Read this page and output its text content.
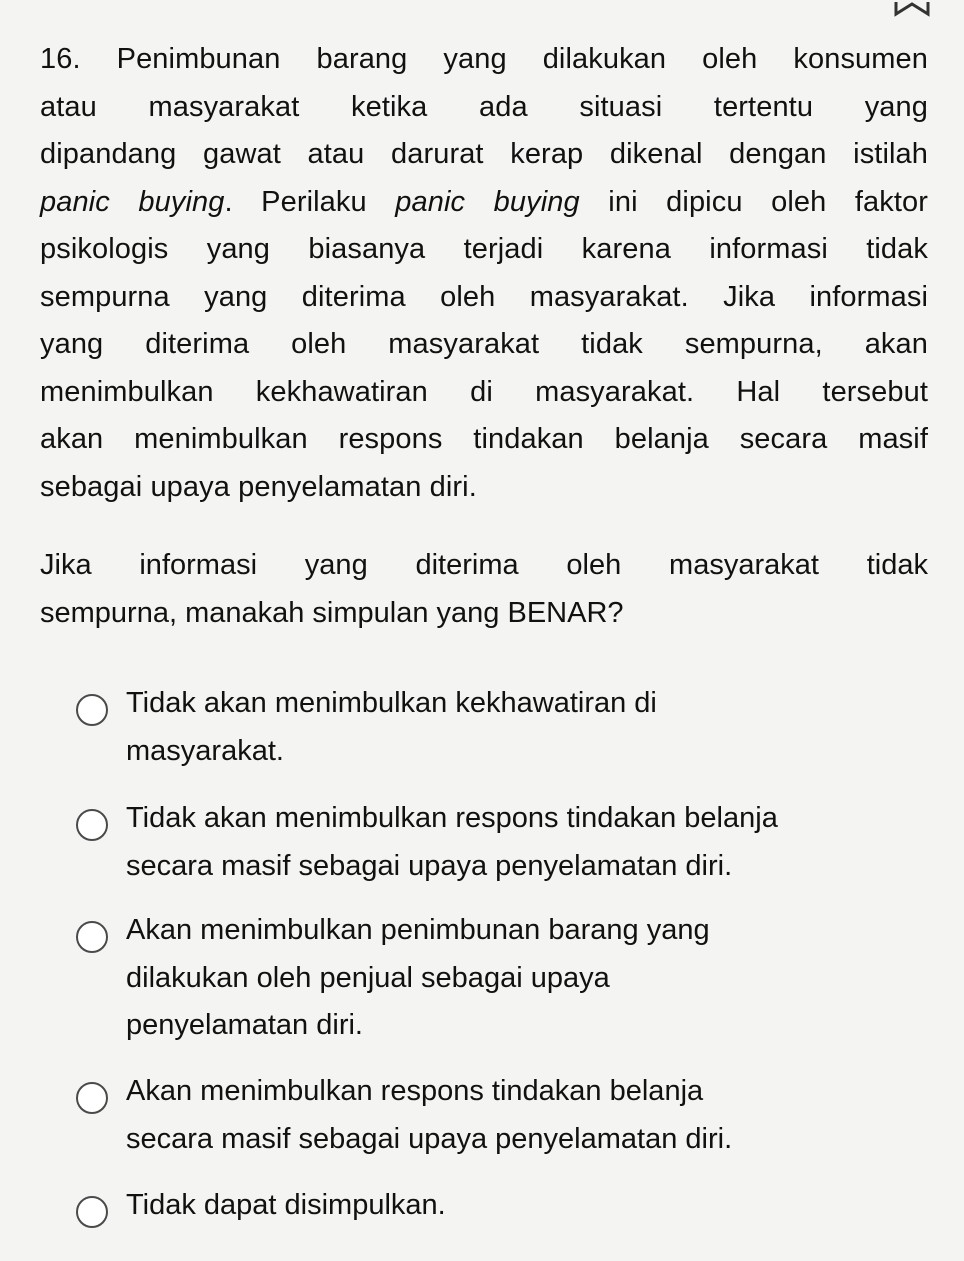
16. Penimbunan barang yang dilakukan oleh konsumen
atau masyarakat ketika ada situasi tertentu yang
dipandang gawat atau darurat kerap dikenal dengan istilah
panic buying. Perilaku panic buying ini dipicu oleh faktor
psikologis yang biasanya terjadi karena informasi tidak
sempurna yang diterima oleh masyarakat. Jika informasi
yang diterima oleh masyarakat tidak sempurna, akan
menimbulkan kekhawatiran di masyarakat. Hal tersebut
akan menimbulkan respons tindakan belanja secara masif
sebagai upaya penyelamatan diri.
Jika informasi yang diterima oleh masyarakat tidak
sempurna, manakah simpulan yang BENAR?
Tidak akan menimbulkan kekhawatiran di
masyarakat.
Tidak akan menimbulkan respons tindakan belanja
secara masif sebagai upaya penyelamatan diri.
Akan menimbulkan penimbunan barang yang
dilakukan oleh penjual sebagai upaya
penyelamatan diri.
Akan menimbulkan respons tindakan belanja
secara masif sebagai upaya penyelamatan diri.
Tidak dapat disimpulkan.
